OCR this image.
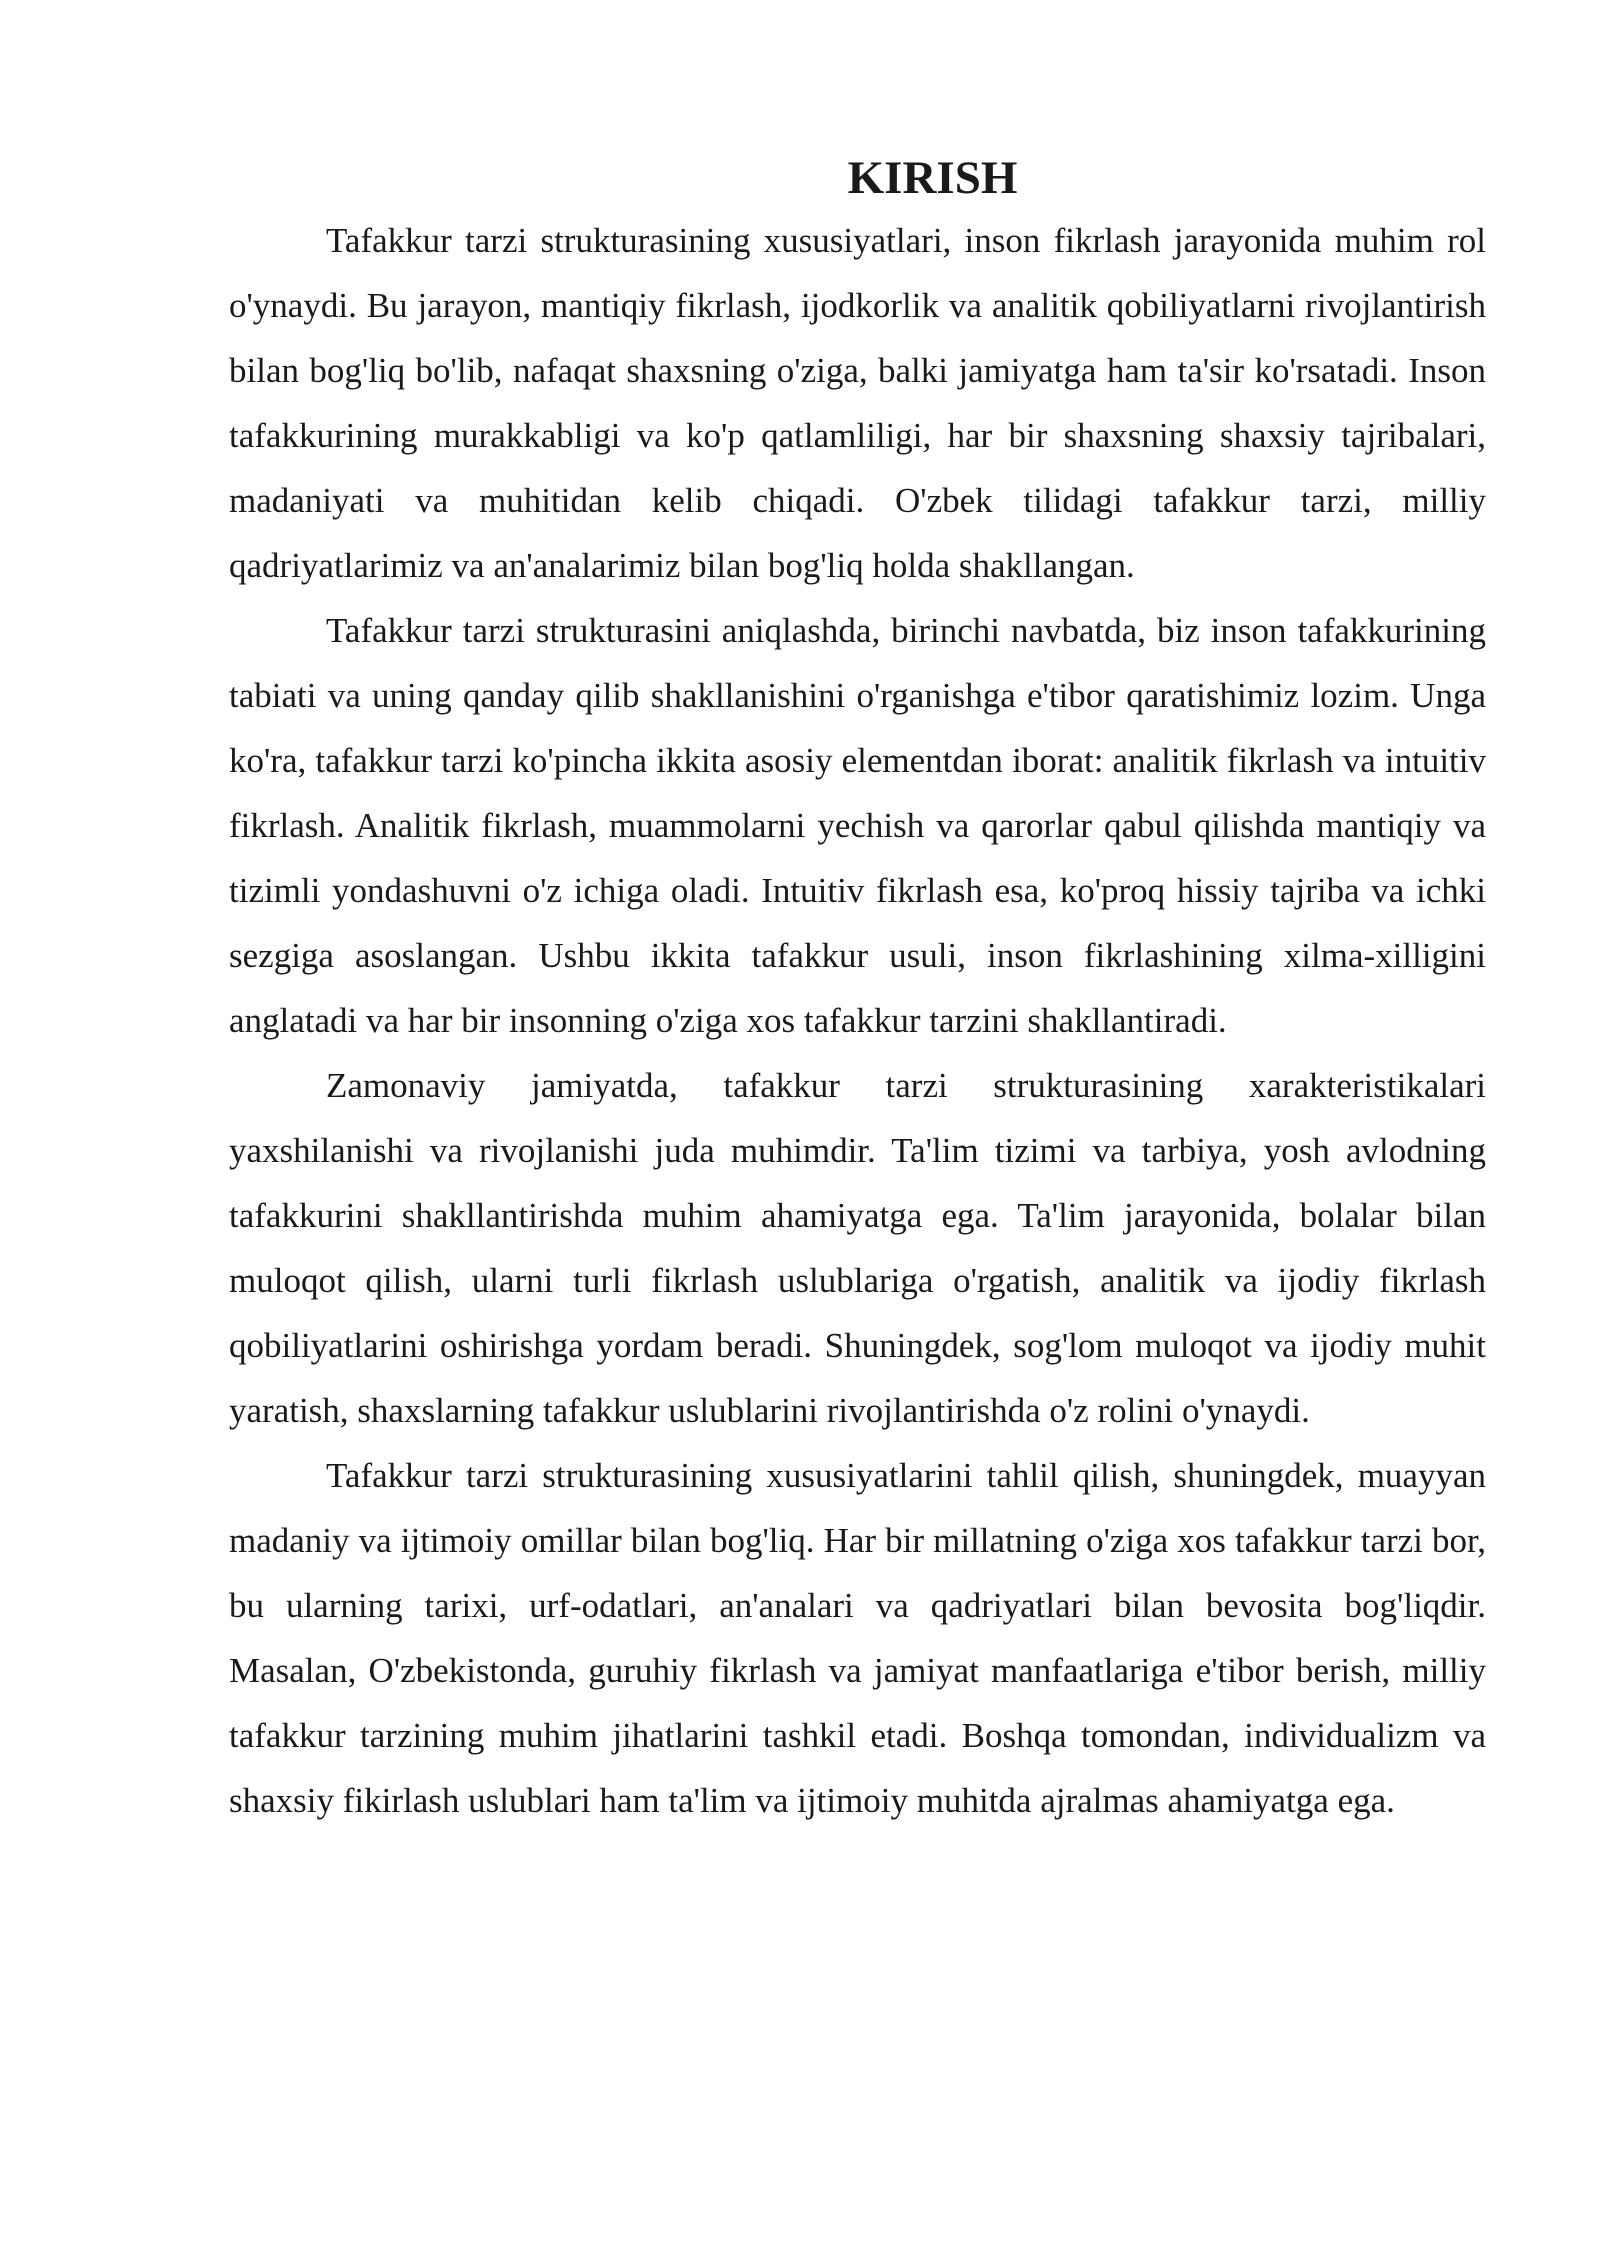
KIRISH

Tafakkur tarzi strukturasining xususiyatlari, inson fikrlash jarayonida muhim rol o'ynaydi. Bu jarayon, mantiqiy fikrlash, ijodkorlik va analitik qobiliyatlarni rivojlantirish bilan bog'liq bo'lib, nafaqat shaxsning o'ziga, balki jamiyatga ham ta'sir ko'rsatadi. Inson tafakkurining murakkabligi va ko'p qatlamliligi, har bir shaxsning shaxsiy tajribalari, madaniyati va muhitidan kelib chiqadi. O'zbek tilidagi tafakkur tarzi, milliy qadriyatlarimiz va an'analarimiz bilan bog'liq holda shakllangan.

Tafakkur tarzi strukturasini aniqlashda, birinchi navbatda, biz inson tafakkurining tabiati va uning qanday qilib shakllanishini o'rganishga e'tibor qaratishimiz lozim. Unga ko'ra, tafakkur tarzi ko'pincha ikkita asosiy elementdan iborat: analitik fikrlash va intuitiv fikrlash. Analitik fikrlash, muammolarni yechish va qarorlar qabul qilishda mantiqiy va tizimli yondashuvni o'z ichiga oladi. Intuitiv fikrlash esa, ko'proq hissiy tajriba va ichki sezgiga asoslangan. Ushbu ikkita tafakkur usuli, inson fikrlashining xilma-xilligini anglatadi va har bir insonning o'ziga xos tafakkur tarzini shakllantiradi.

Zamonaviy jamiyatda, tafakkur tarzi strukturasining xarakteristikalari yaxshilanishi va rivojlanishi juda muhimdir. Ta'lim tizimi va tarbiya, yosh avlodning tafakkurini shakllantirishda muhim ahamiyatga ega. Ta'lim jarayonida, bolalar bilan muloqot qilish, ularni turli fikrlash uslublariga o'rgatish, analitik va ijodiy fikrlash qobiliyatlarini oshirishga yordam beradi. Shuningdek, sog'lom muloqot va ijodiy muhit yaratish, shaxslarning tafakkur uslublarini rivojlantirishda o'z rolini o'ynaydi.

Tafakkur tarzi strukturasining xususiyatlarini tahlil qilish, shuningdek, muayyan madaniy va ijtimoiy omillar bilan bog'liq. Har bir millatning o'ziga xos tafakkur tarzi bor, bu ularning tarixi, urf-odatlari, an'analari va qadriyatlari bilan bevosita bog'liqdir. Masalan, O'zbekistonda, guruhiy fikrlash va jamiyat manfaatlariga e'tibor berish, milliy tafakkur tarzining muhim jihatlarini tashkil etadi. Boshqa tomondan, individualizm va shaxsiy fikirlash uslublari ham ta'lim va ijtimoiy muhitda ajralmas ahamiyatga ega.
